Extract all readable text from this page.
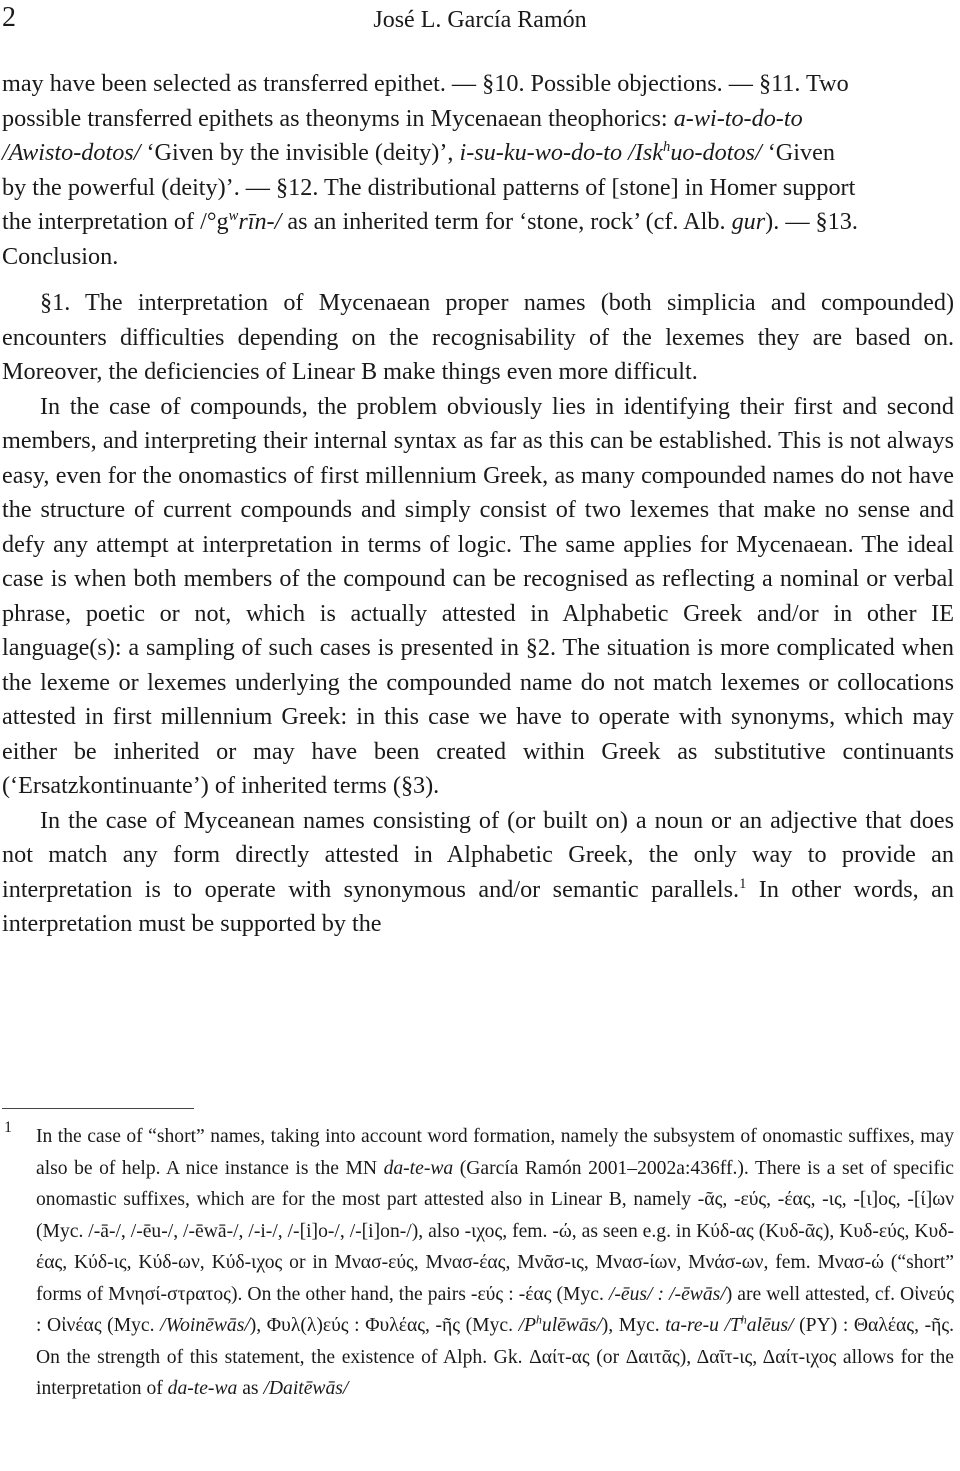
2	José L. García Ramón

may have been selected as transferred epithet. — §10. Possible objections. — §11. Two
possible transferred epithets as theonyms in Mycenaean theophorics: a-wi-to-do-to
/Awisto-dotos/ ‘Given by the invisible (deity)’, i-su-ku-wo-do-to /Isk$^h$uo-dotos/ ‘Given
by the powerful (deity)’. — §12. The distributional patterns of [stone] in Homer support
the interpretation of $/^\circ g^wrīn-/$ as an inherited term for ‘stone, rock’ (cf. Alb. gur). — §13.
Conclusion.

§1. The interpretation of Mycenaean proper names (both simplicia and compounded) encounters difficulties depending on the recognisability of the lexemes they are based on. Moreover, the deficiencies of Linear B make things even more difficult.

In the case of compounds, the problem obviously lies in identifying their first and second members, and interpreting their internal syntax as far as this can be established. This is not always easy, even for the onomastics of first millennium Greek, as many compounded names do not have the structure of current compounds and simply consist of two lexemes that make no sense and defy any attempt at interpretation in terms of logic. The same applies for Mycenaean. The ideal case is when both members of the compound can be recognised as reflecting a nominal or verbal phrase, poetic or not, which is actually attested in Alphabetic Greek and/or in other IE language(s): a sampling of such cases is presented in §2. The situation is more complicated when the lexeme or lexemes underlying the compounded name do not match lexemes or collocations attested in first millennium Greek: in this case we have to operate with synonyms, which may either be inherited or may have been created within Greek as substitutive continuants (‘Ersatzkontinuante’) of inherited terms (§3).

In the case of Myceanean names consisting of (or built on) a noun or an adjective that does not match any form directly attested in Alphabetic Greek, the only way to provide an interpretation is to operate with synonymous and/or semantic parallels.$^1$ In other words, an interpretation must be supported by the

1 In the case of “short” names, taking into account word formation, namely the subsystem of onomastic suffixes, may also be of help. A nice instance is the MN da-te-wa (García Ramón 2001–2002a:436ff.). There is a set of specific onomastic suffixes, which are for the most part attested also in Linear B, namely -ᾶς, -εύς, -έας, -ις, -[ι]ος, -[ί]ων (Myc. /-ā-/, /-ēu-/, /-ēwā-/, /-i-/, /-[i]o-/, /-[i]on-/), also -ιχος, fem. -ώ, as seen e.g. in Κύδ-ας (Κυδ-ᾶς), Κυδ-εύς, Κυδ-έας, Κύδ-ις, Κύδ-ων, Κύδ-ιχος or in Μνασ-εύς, Μνασ-έας, Μνᾶσ-ις, Μνασ-ίων, Μνάσ-ων, fem. Μνασ-ώ (“short” forms of Μνησί-στρατος). On the other hand, the pairs -εύς : -έας (Myc. /-ēus/ : /-ēwās/) are well attested, cf. Οἰνεύς : Οἰνέας (Myc. /Woinēwās/), Φυλ(λ)εύς : Φυλέας, -ῆς (Myc. $/P^hulēwās/$), Myc. ta-re-u $/T^halēus/$ (PY) : Θαλέας, -ῆς. On the strength of this statement, the existence of Alph. Gk. Δαίτ-ας (or Δαιτᾶς), Δαῖτ-ις, Δαίτ-ιχος allows for the interpretation of da-te-wa as /Daitēwās/
